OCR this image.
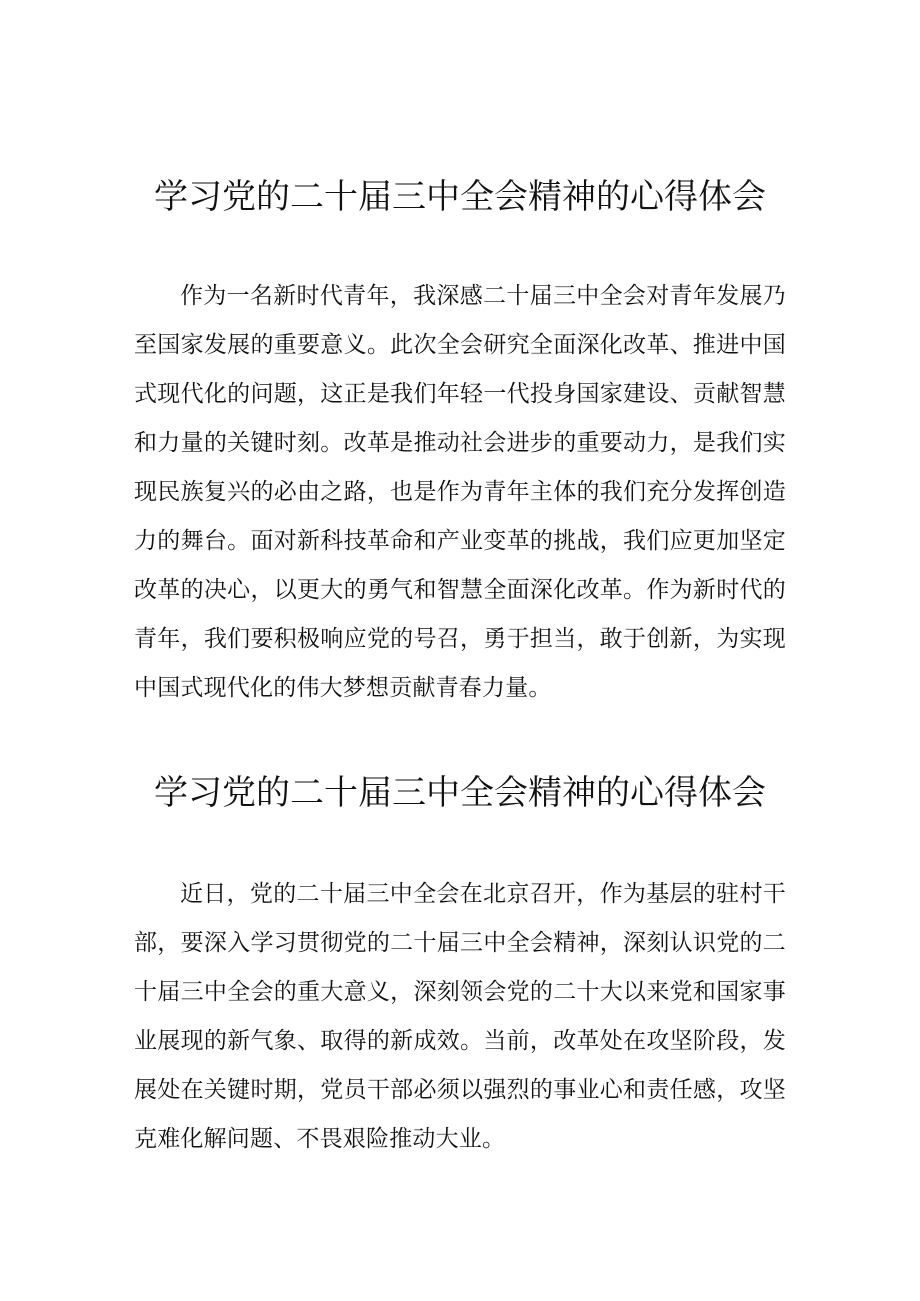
学习党的二十届三中全会精神的心得体会

作为一名新时代青年，我深感二十届三中全会对青年发展乃至国家发展的重要意义。此次全会研究全面深化改革、推进中国式现代化的问题，这正是我们年轻一代投身国家建设、贡献智慧和力量的关键时刻。改革是推动社会进步的重要动力，是我们实现民族复兴的必由之路，也是作为青年主体的我们充分发挥创造力的舞台。面对新科技革命和产业变革的挑战，我们应更加坚定改革的决心，以更大的勇气和智慧全面深化改革。作为新时代的青年，我们要积极响应党的号召，勇于担当，敢于创新，为实现中国式现代化的伟大梦想贡献青春力量。

学习党的二十届三中全会精神的心得体会

近日，党的二十届三中全会在北京召开，作为基层的驻村干部，要深入学习贯彻党的二十届三中全会精神，深刻认识党的二十届三中全会的重大意义，深刻领会党的二十大以来党和国家事业展现的新气象、取得的新成效。当前，改革处在攻坚阶段，发展处在关键时期，党员干部必须以强烈的事业心和责任感，攻坚克难化解问题、不畏艰险推动大业。
